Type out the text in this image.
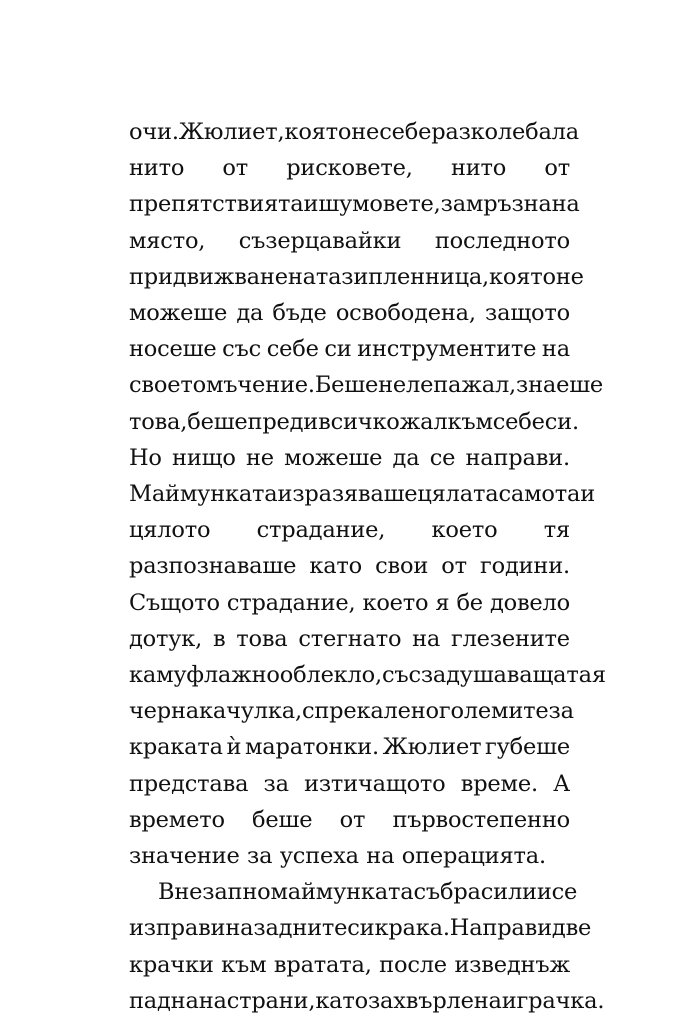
очи. Жюлиет, която не се бе разколебала
нито от рисковете, нито от
препятствията и шумовете, замръзна на
място, съзерцавайки последното
придвижване на тази пленница, която не
можеше да бъде освободена, защото
носеше със себе си инструментите на
своето мъчение. Беше нелепа жал, знаеше
това, беше преди всичко жал към себе си.
Но нищо не можеше да се направи.
Маймунката изразяваше цялата самота и
цялото страдание, което тя
разпознаваше като свои от години.
Същото страдание, което я бе довело
дотук, в това стегнато на глезените
камуфлажно облекло, със задушаващата я
черна качулка, с прекалено големите за
краката ѝ маратонки. Жюлиет губеше
представа за изтичащото време. А
времето беше от първостепенно
значение за успеха на операцията.
Внезапно маймунката събра сили и се
изправи на задните си крака. Направи две
крачки към вратата, после изведнъж
падна настрани, като захвърлена играчка.
